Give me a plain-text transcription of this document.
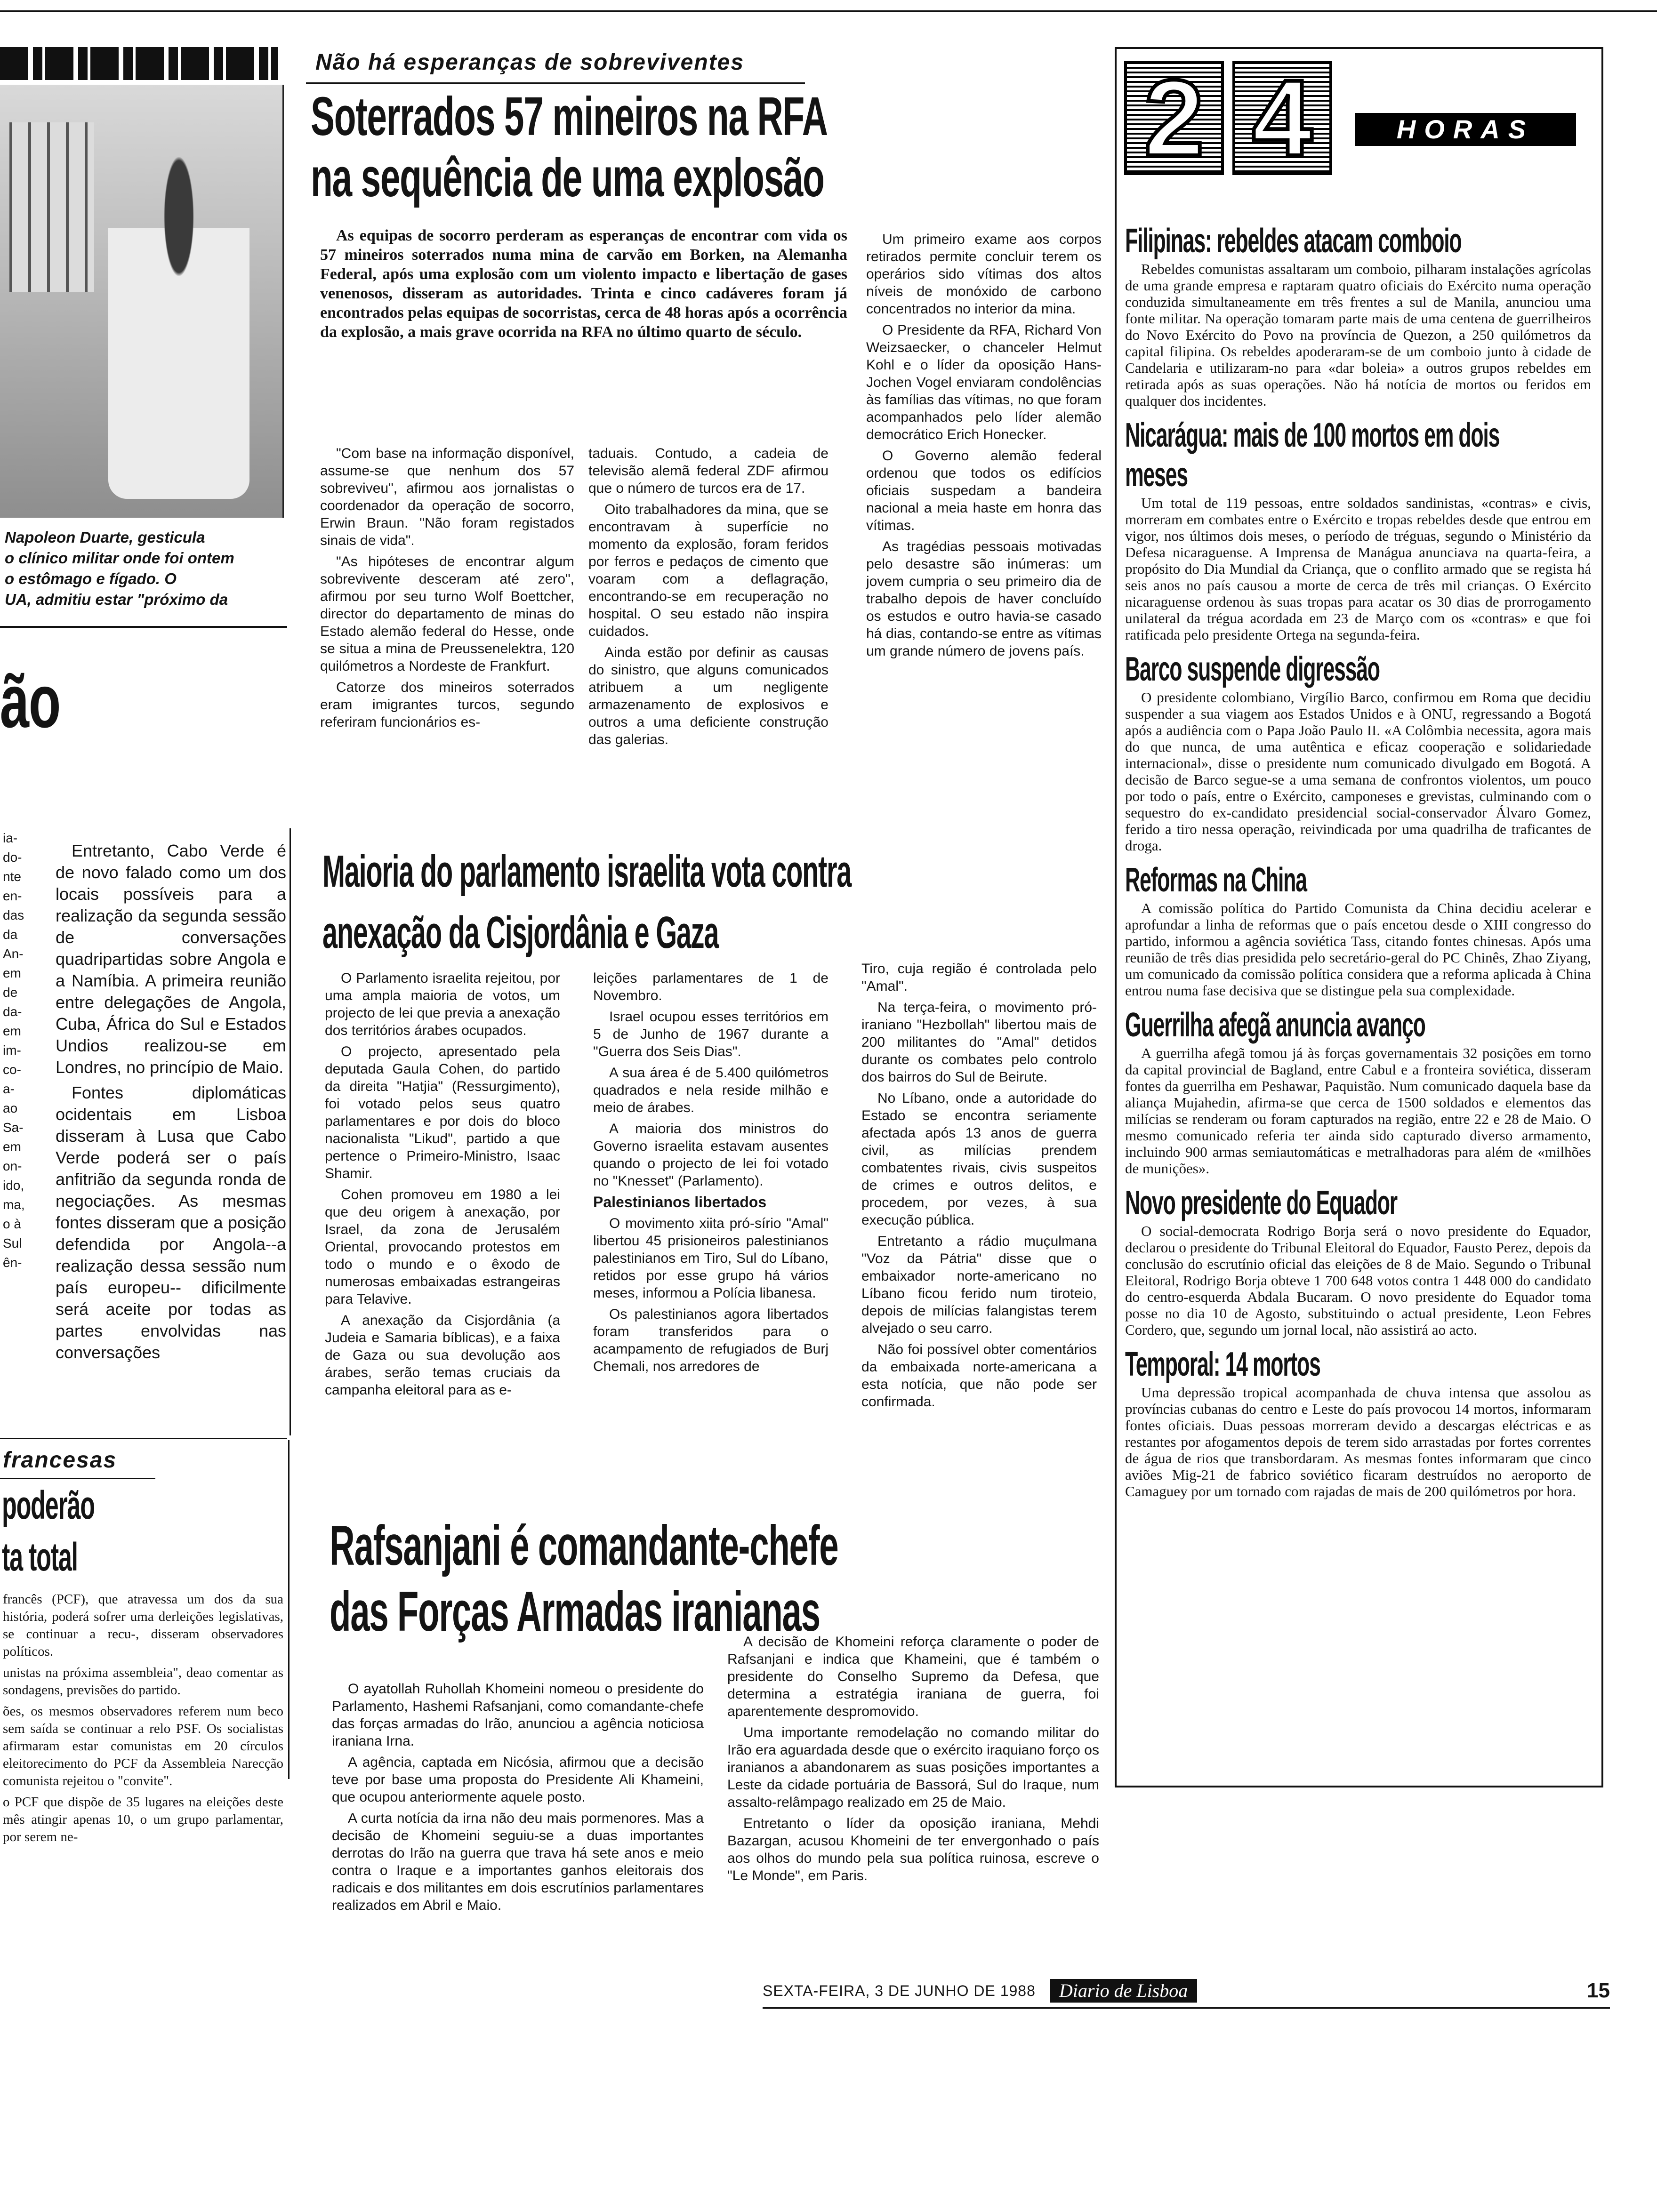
Napoleon Duarte, gesticula
o clínico militar onde foi ontem
o estômago e fígado. O
UA, admitiu estar "próximo da
ão
ia-
do-
nte
en-
das
da
An-
em
de
da-
em
im-
co-
a-
ao
Sa-
em
on-
ido,
ma,
o à
Sul
ên-

Entretanto, Cabo Verde é de novo falado como um dos locais possíveis para a realização da segunda sessão de conversações quadripartidas sobre Angola e a Namíbia. A primeira reunião entre delegações de Angola, Cuba, África do Sul e Estados Undios realizou-se em Londres, no princípio de Maio.

Fontes diplomáticas ocidentais em Lisboa disseram à Lusa que Cabo Verde poderá ser o país anfitrião da segunda ronda de negociações. As mesmas fontes disseram que a posição defendida por Angola--a realização dessa sessão num país europeu-- dificilmente será aceite por todas as partes envolvidas nas conversações

francesas
poderão
ta total

francês (PCF), que atravessa um dos da sua história, poderá sofrer uma derleições legislativas, se continuar a recu-, disseram observadores políticos.

unistas na próxima assembleia", deao comentar as sondagens, previsões do partido.

ões, os mesmos observadores referem num beco sem saída se continuar a relo PSF. Os socialistas afirmaram estar comunistas em 20 círculos eleitorecimento do PCF da Assembleia Narecção comunista rejeitou o "convite".

o PCF que dispõe de 35 lugares na eleições deste mês atingir apenas 10, o um grupo parlamentar, por serem ne-

Não há esperanças de sobreviventes
Soterrados 57 mineiros na RFA
na sequência de uma explosão

As equipas de socorro perderam as esperanças de encontrar com vida os 57 mineiros soterrados numa mina de carvão em Borken, na Alemanha Federal, após uma explosão com um violento impacto e libertação de gases venenosos, disseram as autoridades. Trinta e cinco cadáveres foram já encontrados pelas equipas de socorristas, cerca de 48 horas após a ocorrência da explosão, a mais grave ocorrida na RFA no último quarto de século.

"Com base na informação disponível, assume-se que nenhum dos 57 sobreviveu", afirmou aos jornalistas o coordenador da operação de socorro, Erwin Braun. "Não foram registados sinais de vida".

"As hipóteses de encontrar algum sobrevivente desceram até zero", afirmou por seu turno Wolf Boettcher, director do departamento de minas do Estado alemão federal do Hesse, onde se situa a mina de Preussenelektra, 120 quilómetros a Nordeste de Frankfurt.

Catorze dos mineiros soterrados eram imigrantes turcos, segundo referiram funcionários es-

taduais. Contudo, a cadeia de televisão alemã federal ZDF afirmou que o número de turcos era de 17.

Oito trabalhadores da mina, que se encontravam à superfície no momento da explosão, foram feridos por ferros e pedaços de cimento que voaram com a deflagração, encontrando-se em recuperação no hospital. O seu estado não inspira cuidados.

Ainda estão por definir as causas do sinistro, que alguns comunicados atribuem a um negligente armazenamento de explosivos e outros a uma deficiente construção das galerias.

Um primeiro exame aos corpos retirados permite concluir terem os operários sido vítimas dos altos níveis de monóxido de carbono concentrados no interior da mina.

O Presidente da RFA, Richard Von Weizsaecker, o chanceler Helmut Kohl e o líder da oposição Hans-Jochen Vogel enviaram condolências às famílias das vítimas, no que foram acompanhados pelo líder alemão democrático Erich Honecker.

O Governo alemão federal ordenou que todos os edifícios oficiais suspedam a bandeira nacional a meia haste em honra das vítimas.

As tragédias pessoais motivadas pelo desastre são inúmeras: um jovem cumpria o seu primeiro dia de trabalho depois de haver concluído os estudos e outro havia-se casado há dias, contando-se entre as vítimas um grande número de jovens país.

Maioria do parlamento israelita vota contra
anexação da Cisjordânia e Gaza

O Parlamento israelita rejeitou, por uma ampla maioria de votos, um projecto de lei que previa a anexação dos territórios árabes ocupados.

O projecto, apresentado pela deputada Gaula Cohen, do partido da direita "Hatjia" (Ressurgimento), foi votado pelos seus quatro parlamentares e por dois do bloco nacionalista "Likud", partido a que pertence o Primeiro-Ministro, Isaac Shamir.

Cohen promoveu em 1980 a lei que deu origem à anexação, por Israel, da zona de Jerusalém Oriental, provocando protestos em todo o mundo e o êxodo de numerosas embaixadas estrangeiras para Telavive.

A anexação da Cisjordânia (a Judeia e Samaria bíblicas), e a faixa de Gaza ou sua devolução aos árabes, serão temas cruciais da campanha eleitoral para as e-

leições parlamentares de 1 de Novembro.

Israel ocupou esses territórios em 5 de Junho de 1967 durante a "Guerra dos Seis Dias".

A sua área é de 5.400 quilómetros quadrados e nela reside milhão e meio de árabes.

A maioria dos ministros do Governo israelita estavam ausentes quando o projecto de lei foi votado no "Knesset" (Parlamento).

Palestinianos libertados

O movimento xiita pró-sírio "Amal" libertou 45 prisioneiros palestinianos palestinianos em Tiro, Sul do Líbano, retidos por esse grupo há vários meses, informou a Polícia libanesa.

Os palestinianos agora libertados foram transferidos para o acampamento de refugiados de Burj Chemali, nos arredores de

Tiro, cuja região é controlada pelo "Amal".

Na terça-feira, o movimento pró-iraniano "Hezbollah" libertou mais de 200 militantes do "Amal" detidos durante os combates pelo controlo dos bairros do Sul de Beirute.

No Líbano, onde a autoridade do Estado se encontra seriamente afectada após 13 anos de guerra civil, as milícias prendem combatentes rivais, civis suspeitos de crimes e outros delitos, e procedem, por vezes, à sua execução pública.

Entretanto a rádio muçulmana "Voz da Pátria" disse que o embaixador norte-americano no Líbano ficou ferido num tiroteio, depois de milícias falangistas terem alvejado o seu carro.

Não foi possível obter comentários da embaixada norte-americana a esta notícia, que não pode ser confirmada.

Rafsanjani é comandante-chefe
das Forças Armadas iranianas

O ayatollah Ruhollah Khomeini nomeou o presidente do Parlamento, Hashemi Rafsanjani, como comandante-chefe das forças armadas do Irão, anunciou a agência noticiosa iraniana Irna.

A agência, captada em Nicósia, afirmou que a decisão teve por base uma proposta do Presidente Ali Khameini, que ocupou anteriormente aquele posto.

A curta notícia da irna não deu mais pormenores. Mas a decisão de Khomeini seguiu-se a duas importantes derrotas do Irão na guerra que trava há sete anos e meio contra o Iraque e a importantes ganhos eleitorais dos radicais e dos militantes em dois escrutínios parlamentares realizados em Abril e Maio.

A decisão de Khomeini reforça claramente o poder de Rafsanjani e indica que Khameini, que é também o presidente do Conselho Supremo da Defesa, que determina a estratégia iraniana de guerra, foi aparentemente despromovido.

Uma importante remodelação no comando militar do Irão era aguardada desde que o exército iraquiano forço os iranianos a abandonarem as suas posições importantes a Leste da cidade portuária de Bassorá, Sul do Iraque, num assalto-relâmpago realizado em 25 de Maio.

Entretanto o líder da oposição iraniana, Mehdi Bazargan, acusou Khomeini de ter envergonhado o país aos olhos do mundo pela sua política ruinosa, escreve o "Le Monde", em Paris.

2 4	HORAS
Filipinas: rebeldes atacam comboio

Rebeldes comunistas assaltaram um comboio, pilharam instalações agrícolas de uma grande empresa e raptaram quatro oficiais do Exército numa operação conduzida simultaneamente em três frentes a sul de Manila, anunciou uma fonte militar. Na operação tomaram parte mais de uma centena de guerrilheiros do Novo Exército do Povo na província de Quezon, a 250 quilómetros da capital filipina. Os rebeldes apoderaram-se de um comboio junto à cidade de Candelaria e utilizaram-no para «dar boleia» a outros grupos rebeldes em retirada após as suas operações. Não há notícia de mortos ou feridos em qualquer dos incidentes.

Nicarágua: mais de 100 mortos em dois meses

Um total de 119 pessoas, entre soldados sandinistas, «contras» e civis, morreram em combates entre o Exército e tropas rebeldes desde que entrou em vigor, nos últimos dois meses, o período de tréguas, segundo o Ministério da Defesa nicaraguense. A Imprensa de Manágua anunciava na quarta-feira, a propósito do Dia Mundial da Criança, que o conflito armado que se regista há seis anos no país causou a morte de cerca de três mil crianças. O Exército nicaraguense ordenou às suas tropas para acatar os 30 dias de prorrogamento unilateral da trégua acordada em 23 de Março com os «contras» e que foi ratificada pelo presidente Ortega na segunda-feira.

Barco suspende digressão

O presidente colombiano, Virgílio Barco, confirmou em Roma que decidiu suspender a sua viagem aos Estados Unidos e à ONU, regressando a Bogotá após a audiência com o Papa João Paulo II. «A Colômbia necessita, agora mais do que nunca, de uma autêntica e eficaz cooperação e solidariedade internacional», disse o presidente num comunicado divulgado em Bogotá. A decisão de Barco segue-se a uma semana de confrontos violentos, um pouco por todo o país, entre o Exército, camponeses e grevistas, culminando com o sequestro do ex-candidato presidencial social-conservador Álvaro Gomez, ferido a tiro nessa operação, reivindicada por uma quadrilha de traficantes de droga.

Reformas na China

A comissão política do Partido Comunista da China decidiu acelerar e aprofundar a linha de reformas que o país encetou desde o XIII congresso do partido, informou a agência soviética Tass, citando fontes chinesas. Após uma reunião de três dias presidida pelo secretário-geral do PC Chinês, Zhao Ziyang, um comunicado da comissão política considera que a reforma aplicada à China entrou numa fase decisiva que se distingue pela sua complexidade.

Guerrilha afegã anuncia avanço

A guerrilha afegã tomou já às forças governamentais 32 posições em torno da capital provincial de Bagland, entre Cabul e a fronteira soviética, disseram fontes da guerrilha em Peshawar, Paquistão. Num comunicado daquela base da aliança Mujahedin, afirma-se que cerca de 1500 soldados e elementos das milícias se renderam ou foram capturados na região, entre 22 e 28 de Maio. O mesmo comunicado referia ter ainda sido capturado diverso armamento, incluindo 900 armas semiautomáticas e metralhadoras para além de «milhões de munições».

Novo presidente do Equador

O social-democrata Rodrigo Borja será o novo presidente do Equador, declarou o presidente do Tribunal Eleitoral do Equador, Fausto Perez, depois da conclusão do escrutínio oficial das eleições de 8 de Maio. Segundo o Tribunal Eleitoral, Rodrigo Borja obteve 1 700 648 votos contra 1 448 000 do candidato do centro-esquerda Abdala Bucaram. O novo presidente do Equador toma posse no dia 10 de Agosto, substituindo o actual presidente, Leon Febres Cordero, que, segundo um jornal local, não assistirá ao acto.

Temporal: 14 mortos

Uma depressão tropical acompanhada de chuva intensa que assolou as províncias cubanas do centro e Leste do país provocou 14 mortos, informaram fontes oficiais. Duas pessoas morreram devido a descargas eléctricas e as restantes por afogamentos depois de terem sido arrastadas por fortes correntes de água de rios que transbordaram. As mesmas fontes informaram que cinco aviões Mig-21 de fabrico soviético ficaram destruídos no aeroporto de Camaguey por um tornado com rajadas de mais de 200 quilómetros por hora.

SEXTA-FEIRA, 3 DE JUNHO DE 1988	Diario de Lisboa	15
